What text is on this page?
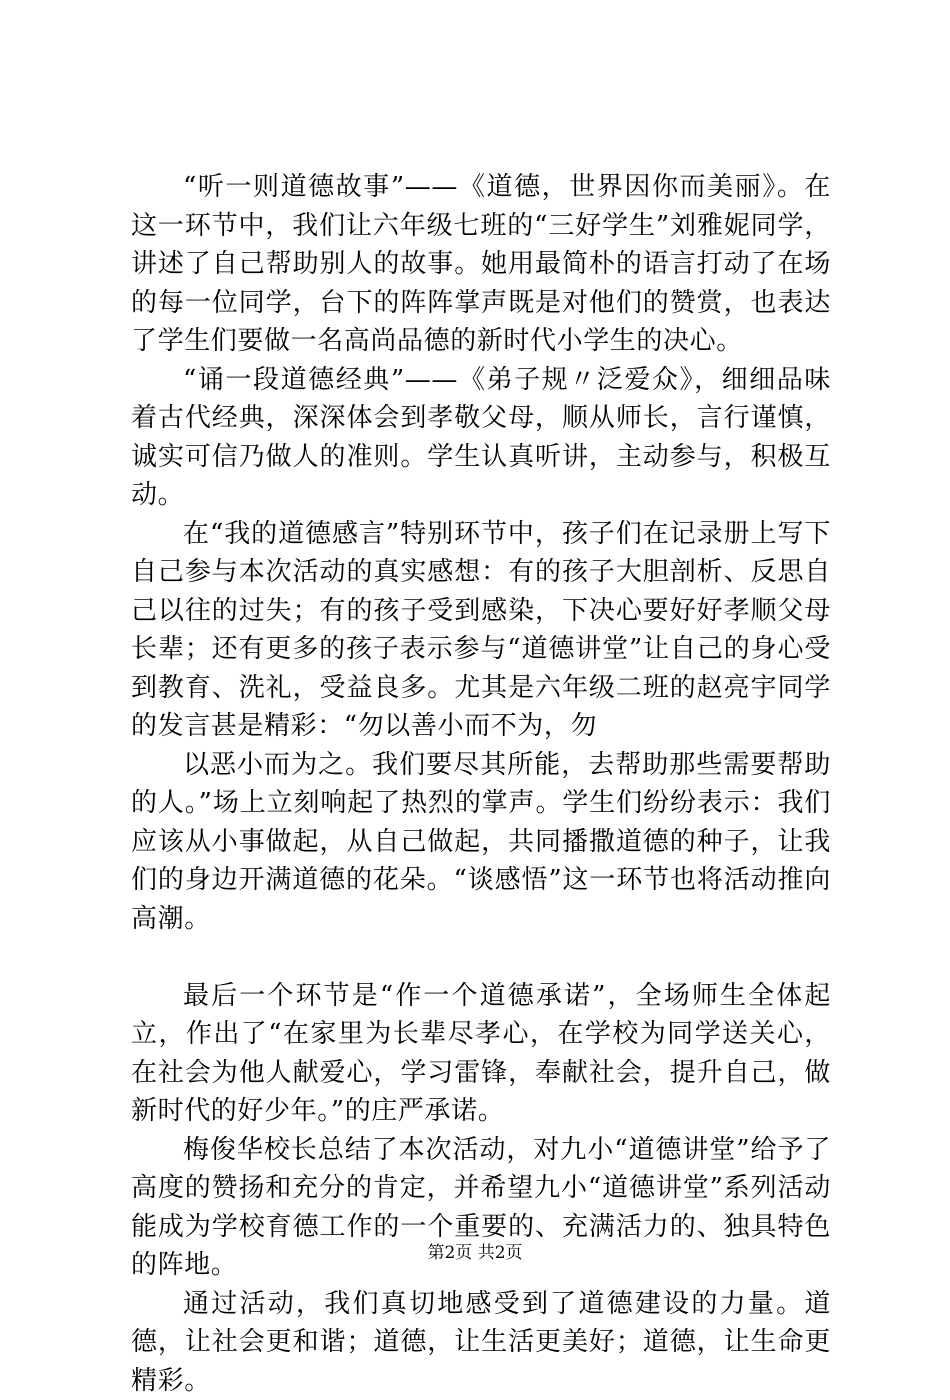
“听一则道德故事”——《道德，世界因你而美丽》。在这一环节中，我们让六年级七班的“三好学生”刘雅妮同学，讲述了自己帮助别人的故事。她用最简朴的语言打动了在场的每一位同学，台下的阵阵掌声既是对他们的赞赏，也表达了学生们要做一名高尚品德的新时代小学生的决心。

“诵一段道德经典”——《弟子规〃泛爱众》，细细品味着古代经典，深深体会到孝敬父母，顺从师长，言行谨慎，诚实可信乃做人的准则。学生认真听讲，主动参与，积极互动。

在“我的道德感言”特别环节中，孩子们在记录册上写下自己参与本次活动的真实感想：有的孩子大胆剖析、反思自己以往的过失；有的孩子受到感染，下决心要好好孝顺父母长辈；还有更多的孩子表示参与“道德讲堂”让自己的身心受到教育、洗礼，受益良多。尤其是六年级二班的赵亮宇同学的发言甚是精彩：“勿以善小而不为，勿

以恶小而为之。我们要尽其所能，去帮助那些需要帮助的人。”场上立刻响起了热烈的掌声。学生们纷纷表示：我们应该从小事做起，从自己做起，共同播撒道德的种子，让我们的身边开满道德的花朵。“谈感悟”这一环节也将活动推向高潮。

最后一个环节是“作一个道德承诺”，全场师生全体起立，作出了“在家里为长辈尽孝心，在学校为同学送关心，在社会为他人献爱心，学习雷锋，奉献社会，提升自己，做新时代的好少年。”的庄严承诺。

梅俊华校长总结了本次活动，对九小“道德讲堂”给予了高度的赞扬和充分的肯定，并希望九小“道德讲堂”系列活动能成为学校育德工作的一个重要的、充满活力的、独具特色的阵地。

通过活动，我们真切地感受到了道德建设的力量。道德，让社会更和谐；道德，让生活更美好；道德，让生命更精彩。

第2页 共2页
